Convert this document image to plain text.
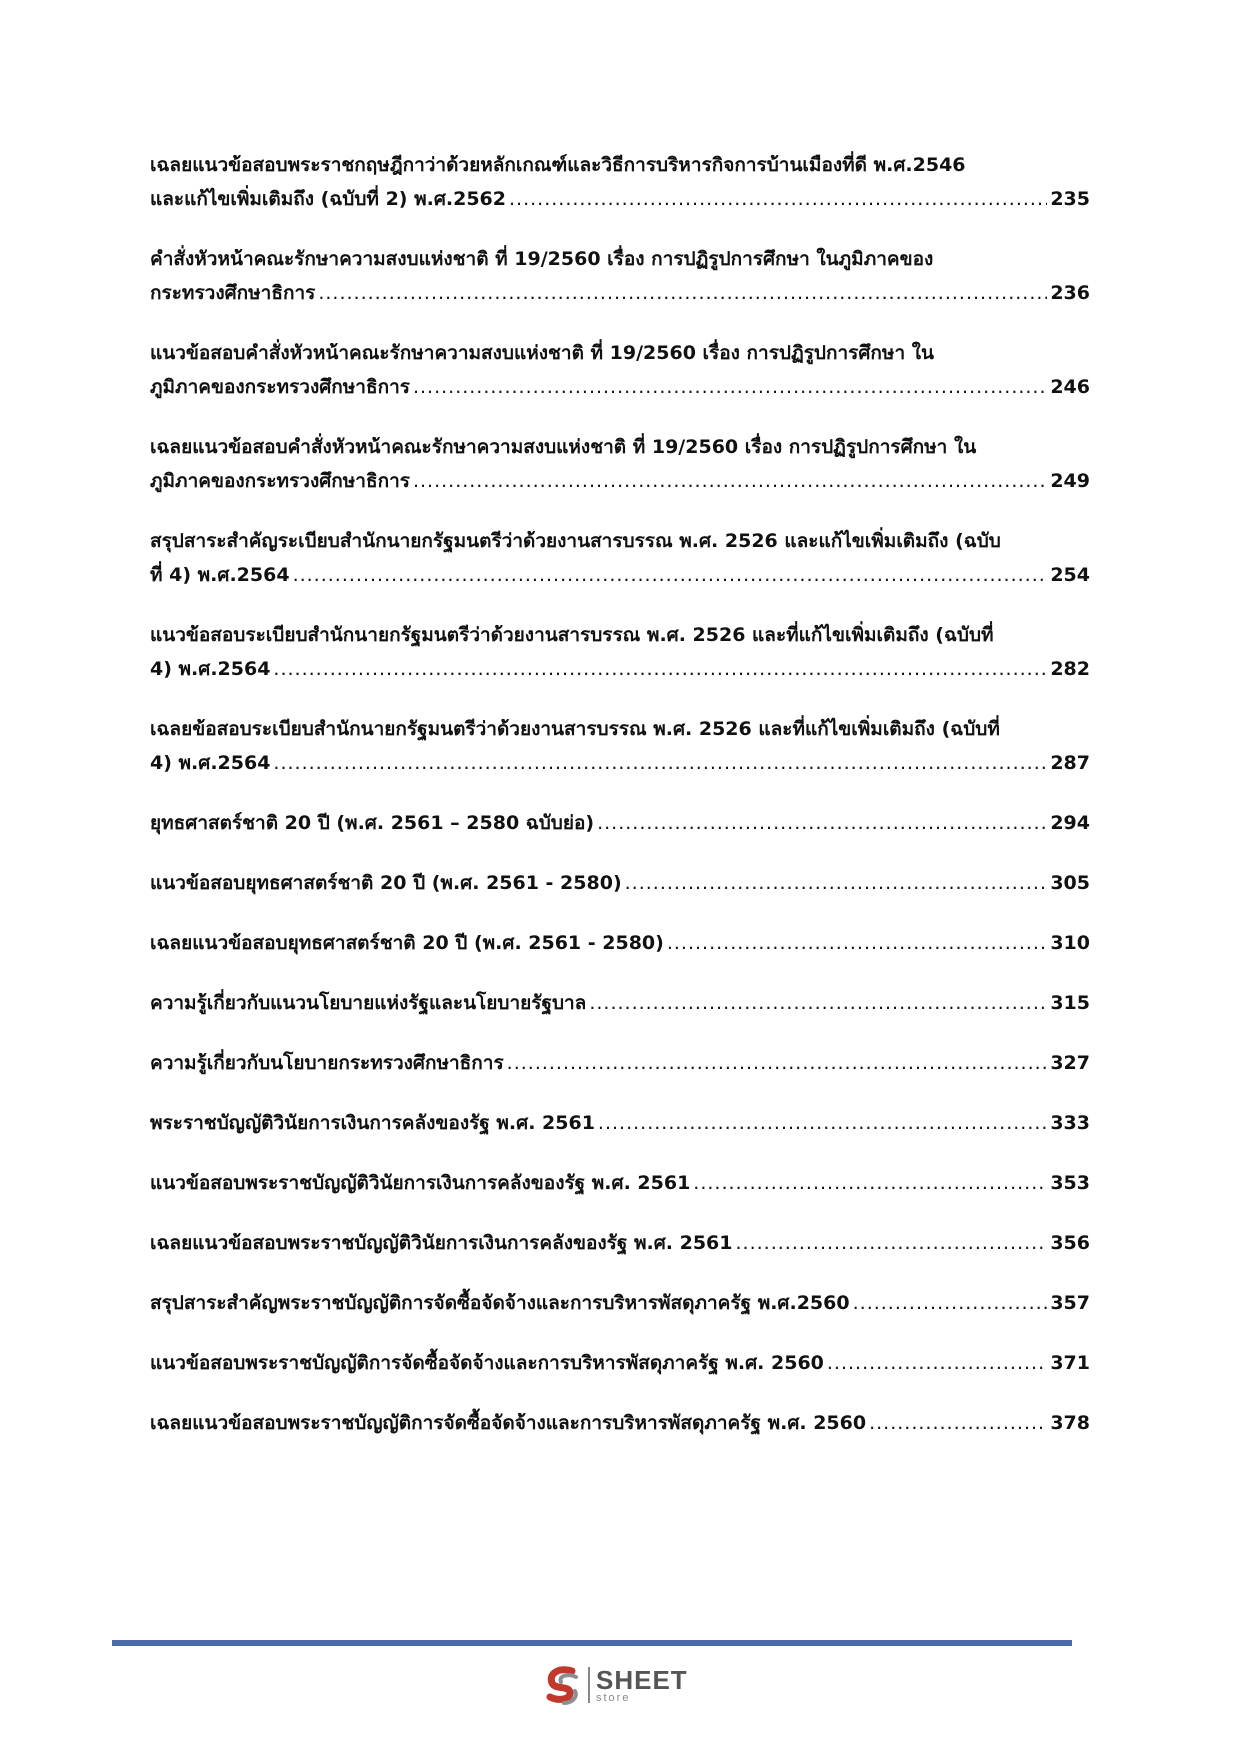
เฉลยแนวข้อสอบพระราชกฤษฎีกาว่าด้วยหลักเกณฑ์และวิธีการบริหารกิจการบ้านเมืองที่ดี พ.ศ.2546
และแก้ไขเพิ่มเติมถึง (ฉบับที่ 2) พ.ศ.2562 .....	235
คำสั่งหัวหน้าคณะรักษาความสงบแห่งชาติ ที่ 19/2560 เรื่อง การปฏิรูปการศึกษา ในภูมิภาคของ
กระทรวงศึกษาธิการ .....	236
แนวข้อสอบคำสั่งหัวหน้าคณะรักษาความสงบแห่งชาติ ที่ 19/2560 เรื่อง การปฏิรูปการศึกษา ใน
ภูมิภาคของกระทรวงศึกษาธิการ .....	246
เฉลยแนวข้อสอบคำสั่งหัวหน้าคณะรักษาความสงบแห่งชาติ ที่ 19/2560 เรื่อง การปฏิรูปการศึกษา ใน
ภูมิภาคของกระทรวงศึกษาธิการ .....	249
สรุปสาระสำคัญระเบียบสำนักนายกรัฐมนตรีว่าด้วยงานสารบรรณ พ.ศ. 2526 และแก้ไขเพิ่มเติมถึง (ฉบับ
ที่ 4) พ.ศ.2564 .....	254
แนวข้อสอบระเบียบสำนักนายกรัฐมนตรีว่าด้วยงานสารบรรณ พ.ศ. 2526 และที่แก้ไขเพิ่มเติมถึง (ฉบับที่
4) พ.ศ.2564 .....	282
เฉลยข้อสอบระเบียบสำนักนายกรัฐมนตรีว่าด้วยงานสารบรรณ พ.ศ. 2526 และที่แก้ไขเพิ่มเติมถึง (ฉบับที่
4) พ.ศ.2564 .....	287
ยุทธศาสตร์ชาติ 20 ปี (พ.ศ. 2561 – 2580 ฉบับย่อ) .....	294
แนวข้อสอบยุทธศาสตร์ชาติ 20 ปี (พ.ศ. 2561 - 2580) .....	305
เฉลยแนวข้อสอบยุทธศาสตร์ชาติ 20 ปี (พ.ศ. 2561 - 2580) .....	310
ความรู้เกี่ยวกับแนวนโยบายแห่งรัฐและนโยบายรัฐบาล .....	315
ความรู้เกี่ยวกับนโยบายกระทรวงศึกษาธิการ .....	327
พระราชบัญญัติวินัยการเงินการคลังของรัฐ พ.ศ. 2561 .....	333
แนวข้อสอบพระราชบัญญัติวินัยการเงินการคลังของรัฐ พ.ศ. 2561 .....	353
เฉลยแนวข้อสอบพระราชบัญญัติวินัยการเงินการคลังของรัฐ พ.ศ. 2561 .....	356
สรุปสาระสำคัญพระราชบัญญัติการจัดซื้อจัดจ้างและการบริหารพัสดุภาครัฐ พ.ศ.2560 .....	357
แนวข้อสอบพระราชบัญญัติการจัดซื้อจัดจ้างและการบริหารพัสดุภาครัฐ พ.ศ. 2560 .....	371
เฉลยแนวข้อสอบพระราชบัญญัติการจัดซื้อจัดจ้างและการบริหารพัสดุภาครัฐ พ.ศ. 2560 .....	378
SHEET
store
